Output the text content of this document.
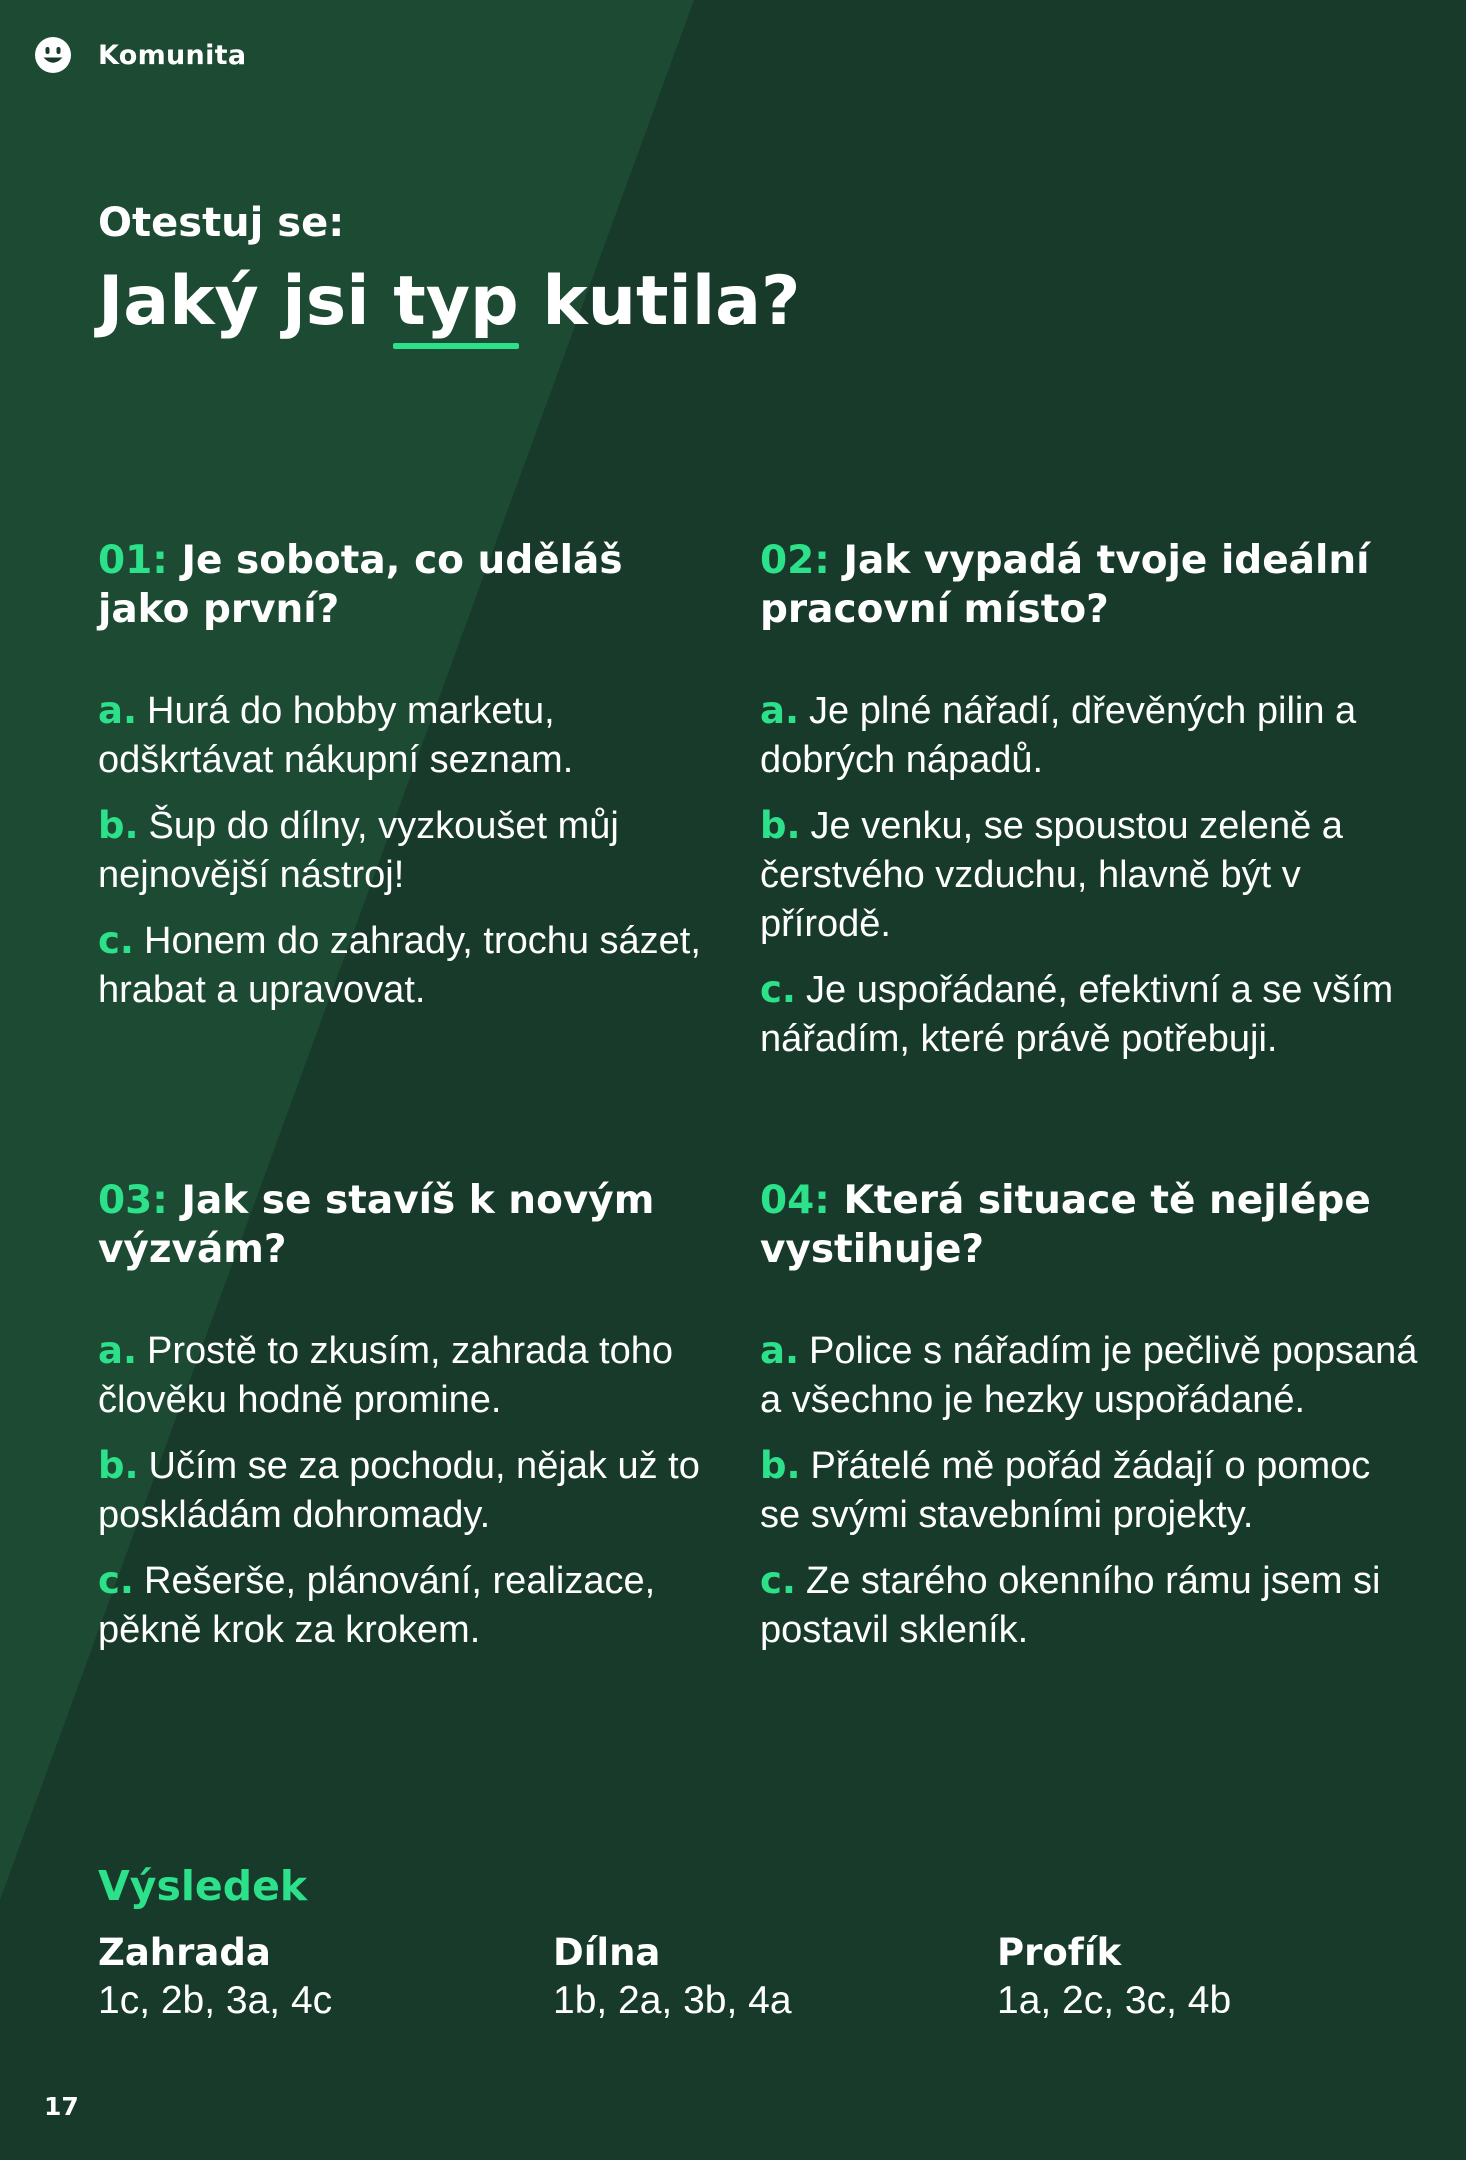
Komunita
Otestuj se:
Jaký jsi typ kutila?
01: Je sobota, co uděláš jako první?
a. Hurá do hobby marketu, odškrtávat nákupní seznam.
b. Šup do dílny, vyzkoušet můj nejnovější nástroj!
c. Honem do zahrady, trochu sázet, hrabat a upravovat.
02: Jak vypadá tvoje ideální pracovní místo?
a. Je plné nářadí, dřevěných pilin a dobrých nápadů.
b. Je venku, se spoustou zeleně a čerstvého vzduchu, hlavně být v přírodě.
c. Je uspořádané, efektivní a se vším nářadím, které právě potřebuji.
03: Jak se stavíš k novým výzvám?
a. Prostě to zkusím, zahrada toho člověku hodně promine.
b. Učím se za pochodu, nějak už to poskládám dohromady.
c. Rešerše, plánování, realizace, pěkně krok za krokem.
04: Která situace tě nejlépe vystihuje?
a. Police s nářadím je pečlivě popsaná a všechno je hezky uspořádané.
b. Přátelé mě pořád žádají o pomoc se svými stavebními projekty.
c. Ze starého okenního rámu jsem si postavil skleník.
Výsledek
Zahrada
1c, 2b, 3a, 4c
Dílna
1b, 2a, 3b, 4a
Profík
1a, 2c, 3c, 4b
17
